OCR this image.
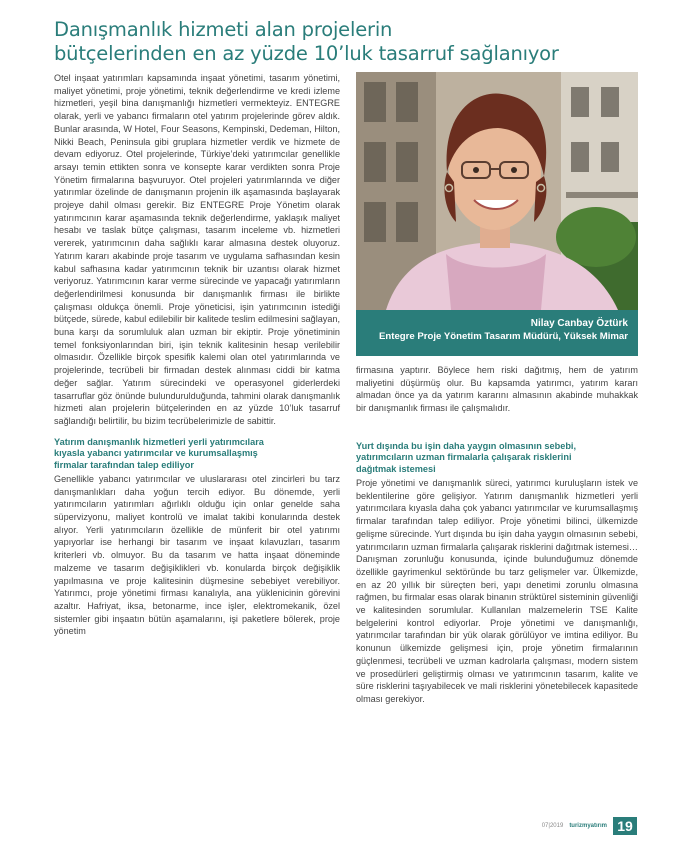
Danışmanlık hizmeti alan projelerin
bütçelerinden en az yüzde 10’luk tasarruf sağlanıyor

Otel inşaat yatırımları kapsamında inşaat yönetimi, tasarım yönetimi, maliyet yönetimi, proje yönetimi, teknik değerlendirme ve kredi izleme hizmetleri, yeşil bina danışmanlığı hizmetleri vermekteyiz. ENTEGRE olarak, yerli ve yabancı firmaların otel yatırım projelerinde görev aldık. Bunlar arasında, W Hotel, Four Seasons, Kempinski, Dedeman, Hilton, Nikki Beach, Peninsula gibi gruplara hizmetler verdik ve hizmete de devam ediyoruz. Otel projelerinde, Türkiye’deki yatırımcılar genellikle arsayı temin ettikten sonra ve konsepte karar verdikten sonra Proje Yönetim firmalarına başvuruyor. Otel projeleri yatırımlarında ve diğer yatırımlar özelinde de danışmanın projenin ilk aşamasında başlayarak projeye dahil olması gerekir. Biz ENTEGRE Proje Yönetim olarak yatırımcının karar aşamasında teknik değerlendirme, yaklaşık maliyet hesabı ve taslak bütçe çalışması, tasarım inceleme vb. hizmetleri vererek, yatırımcının daha sağlıklı karar almasına destek oluyoruz. Yatırım kararı akabinde proje tasarım ve uygulama safhasından kesin kabul safhasına kadar yatırımcının teknik bir uzantısı olarak hizmet veriyoruz. Yatırımcının karar verme sürecinde ve yapacağı yatırımların değerlendirilmesi konusunda bir danışmanlık firması ile birlikte çalışması oldukça önemli. Proje yöneticisi, işin yatırımcının istediği bütçede, sürede, kabul edilebilir bir kalitede teslim edilmesini sağlayan, buna karşı da sorumluluk alan uzman bir ekiptir. Proje yönetiminin temel fonksiyonlarından biri, işin teknik kalitesinin hesap verilebilir olmasıdır. Özellikle birçok spesifik kalemi olan otel yatırımlarında ve projelerinde, tecrübeli bir firmadan destek alınması ciddi bir katma değer sağlar. Yatırım sürecindeki ve operasyonel giderlerdeki tasarruflar göz önünde bulundurulduğunda, tahmini olarak danışmanlık hizmeti alan projelerin bütçelerinden en az yüzde 10’luk tasarruf sağlandığı belirtilir, bu bizim tecrübelerimizle de sabittir.

Yatırım danışmanlık hizmetleri yerli yatırımcılara
kıyasla yabancı yatırımcılar ve kurumsallaşmış
firmalar tarafından talep ediliyor

Genellikle yabancı yatırımcılar ve uluslararası otel zincirleri bu tarz danışmanlıkları daha yoğun tercih ediyor. Bu dönemde, yerli yatırımcıların yatırımları ağırlıklı olduğu için onlar genelde saha süpervizyonu, maliyet kontrolü ve imalat takibi konularında destek alıyor. Yerli yatırımcıların özellikle de münferit bir otel yatırımı yapıyorlar ise herhangi bir tasarım ve inşaat kılavuzları, tasarım kriterleri vb. olmuyor. Bu da tasarım ve hatta inşaat döneminde malzeme ve tasarım değişiklikleri vb. konularda birçok değişiklik yapılmasına ve proje kalitesinin düşmesine sebebiyet verebiliyor. Yatırımcı, proje yönetimi firması kanalıyla, ana yüklenicinin görevini azaltır. Hafriyat, iksa, betonarme, ince işler, elektromekanik, özel sistemler gibi inşaatın bütün aşamalarını, işi paketlere bölerek, proje yönetim

Nilay Canbay Öztürk
Entegre Proje Yönetim Tasarım Müdürü, Yüksek Mimar

firmasına yaptırır. Böylece hem riski dağıtmış, hem de yatırım maliyetini düşürmüş olur. Bu kapsamda yatırımcı, yatırım kararı almadan önce ya da yatırım kararını almasının akabinde muhakkak bir danışmanlık firması ile çalışmalıdır.

Yurt dışında bu işin daha yaygın olmasının sebebi,
yatırımcıların uzman firmalarla çalışarak risklerini
dağıtmak istemesi

Proje yönetimi ve danışmanlık süreci, yatırımcı kuruluşların istek ve beklentilerine göre gelişiyor. Yatırım danışmanlık hizmetleri yerli yatırımcılara kıyasla daha çok yabancı yatırımcılar ve kurumsallaşmış firmalar tarafından talep ediliyor. Proje yönetimi bilinci, ülkemizde gelişme sürecinde. Yurt dışında bu işin daha yaygın olmasının sebebi, yatırımcıların uzman firmalarla çalışarak risklerini dağıtmak istemesi… Danışman zorunluğu konusunda, içinde bulunduğumuz dönemde özellikle gayrimenkul sektöründe bu tarz gelişmeler var. Ülkemizde, en az 20 yıllık bir süreçten beri, yapı denetimi zorunlu olmasına rağmen, bu firmalar esas olarak binanın strüktürel sisteminin güvenliği ve kalitesinden sorumlular. Kullanılan malzemelerin TSE Kalite belgelerini kontrol ediyorlar. Proje yönetimi ve danışmanlığı, yatırımcılar tarafından bir yük olarak görülüyor ve imtina ediliyor. Bu konunun ülkemizde gelişmesi için, proje yönetim firmalarının güçlenmesi, tecrübeli ve uzman kadrolarla çalışması, modern sistem ve prosedürleri geliştirmiş olması ve yatırımcının tasarım, kalite ve süre risklerini taşıyabilecek ve mali risklerini yönetebilecek kapasitede olması gerekiyor.

07|2019 turizmyatırım 19
